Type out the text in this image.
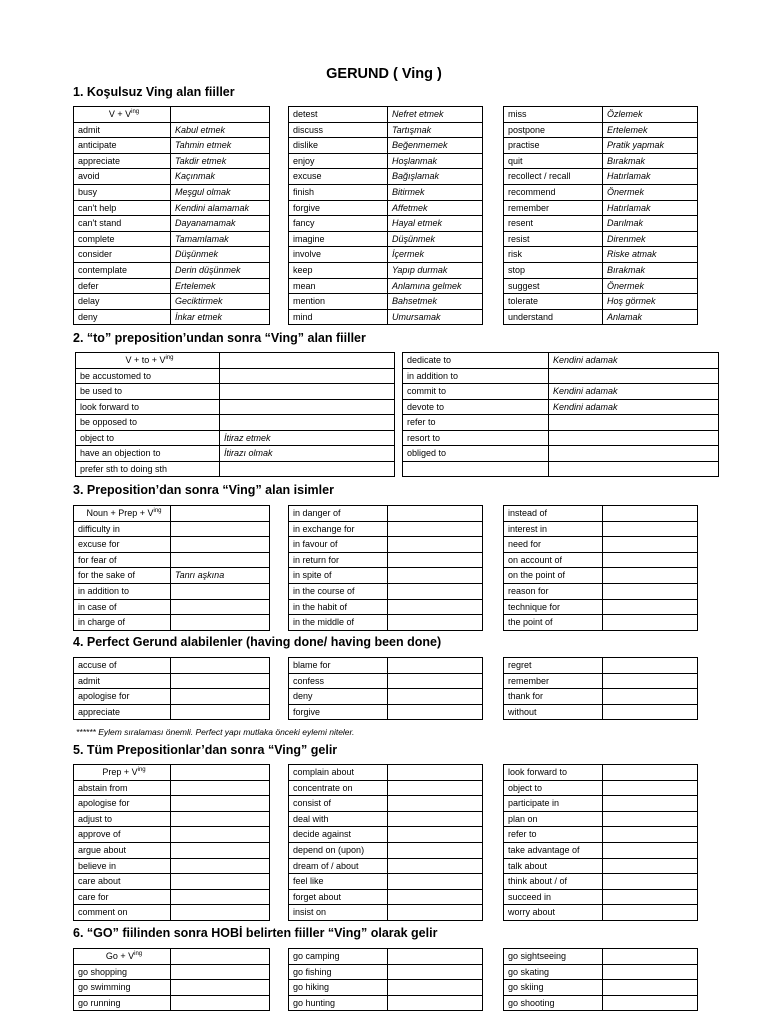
GERUND ( Ving )
1. Koşulsuz Ving alan fiiller
2. “to” preposition’undan sonra “Ving” alan fiiller
3. Preposition’dan sonra “Ving” alan isimler
4. Perfect Gerund alabilenler (having done/ having been done)
5. Tüm Prepositionlar’dan sonra “Ving” gelir
6. “GO” fiilinden sonra HOBİ belirten fiiller “Ving” olarak gelir
****** Eylem sıralaması önemli. Perfect yapı mutlaka önceki eylemi niteler.
$V + V^{ing}$	
admit	Kabul etmek
anticipate	Tahmin etmek
appreciate	Takdir etmek
avoid	Kaçınmak
busy	Meşgul olmak
can't help	Kendini alamamak
can't stand	Dayanamamak
complete	Tamamlamak
consider	Düşünmek
contemplate	Derin düşünmek
defer	Ertelemek
delay	Geciktirmek
deny	İnkar etmek
detest	Nefret etmek
discuss	Tartışmak
dislike	Beğenmemek
enjoy	Hoşlanmak
excuse	Bağışlamak
finish	Bitirmek
forgive	Affetmek
fancy	Hayal etmek
imagine	Düşünmek
involve	İçermek
keep	Yapıp durmak
mean	Anlamına gelmek
mention	Bahsetmek
mind	Umursamak
miss	Özlemek
postpone	Ertelemek
practise	Pratik yapmak
quit	Bırakmak
recollect / recall	Hatırlamak
recommend	Önermek
remember	Hatırlamak
resent	Darılmak
resist	Direnmek
risk	Riske atmak
stop	Bırakmak
suggest	Önermek
tolerate	Hoş görmek
understand	Anlamak
V + to + $V^{ing}$	
be accustomed to	
be used to	
look forward to	
be opposed to	
object to	İtiraz etmek
have an objection to	İtirazı olmak
prefer sth to doing sth	
dedicate to	Kendini adamak
in addition to	
commit to	Kendini adamak
devote to	Kendini adamak
refer to	
resort to	
obliged to	

Noun + Prep + $V^{ing}$	
difficulty in	
excuse for	
for fear of	
for the sake of	Tanrı aşkına
in addition to	
in case of	
in charge of	
in danger of	
in exchange for	
in favour of	
in return for	
in spite of	
in the course of	
in the habit of	
in the middle of	
instead of	
interest in	
need for	
on account of	
on the point of	
reason for	
technique for	
the point of	
accuse of	
admit	
apologise for	
appreciate	
blame for	
confess	
deny	
forgive	
regret	
remember	
thank for	
without	
Prep + $V^{ing}$	
abstain from	
apologise for	
adjust to	
approve of	
argue about	
believe in	
care about	
care for	
comment on	
complain about	
concentrate on	
consist of	
deal with	
decide against	
depend on (upon)	
dream of / about	
feel like	
forget about	
insist on	
look forward to	
object to	
participate in	
plan on	
refer to	
take advantage of	
talk about	
think about / of	
succeed in	
worry about	
$Go + V^{ing}$	
go shopping	
go swimming	
go running	
go camping	
go fishing	
go hiking	
go hunting	
go sightseeing	
go skating	
go skiing	
go shooting	
